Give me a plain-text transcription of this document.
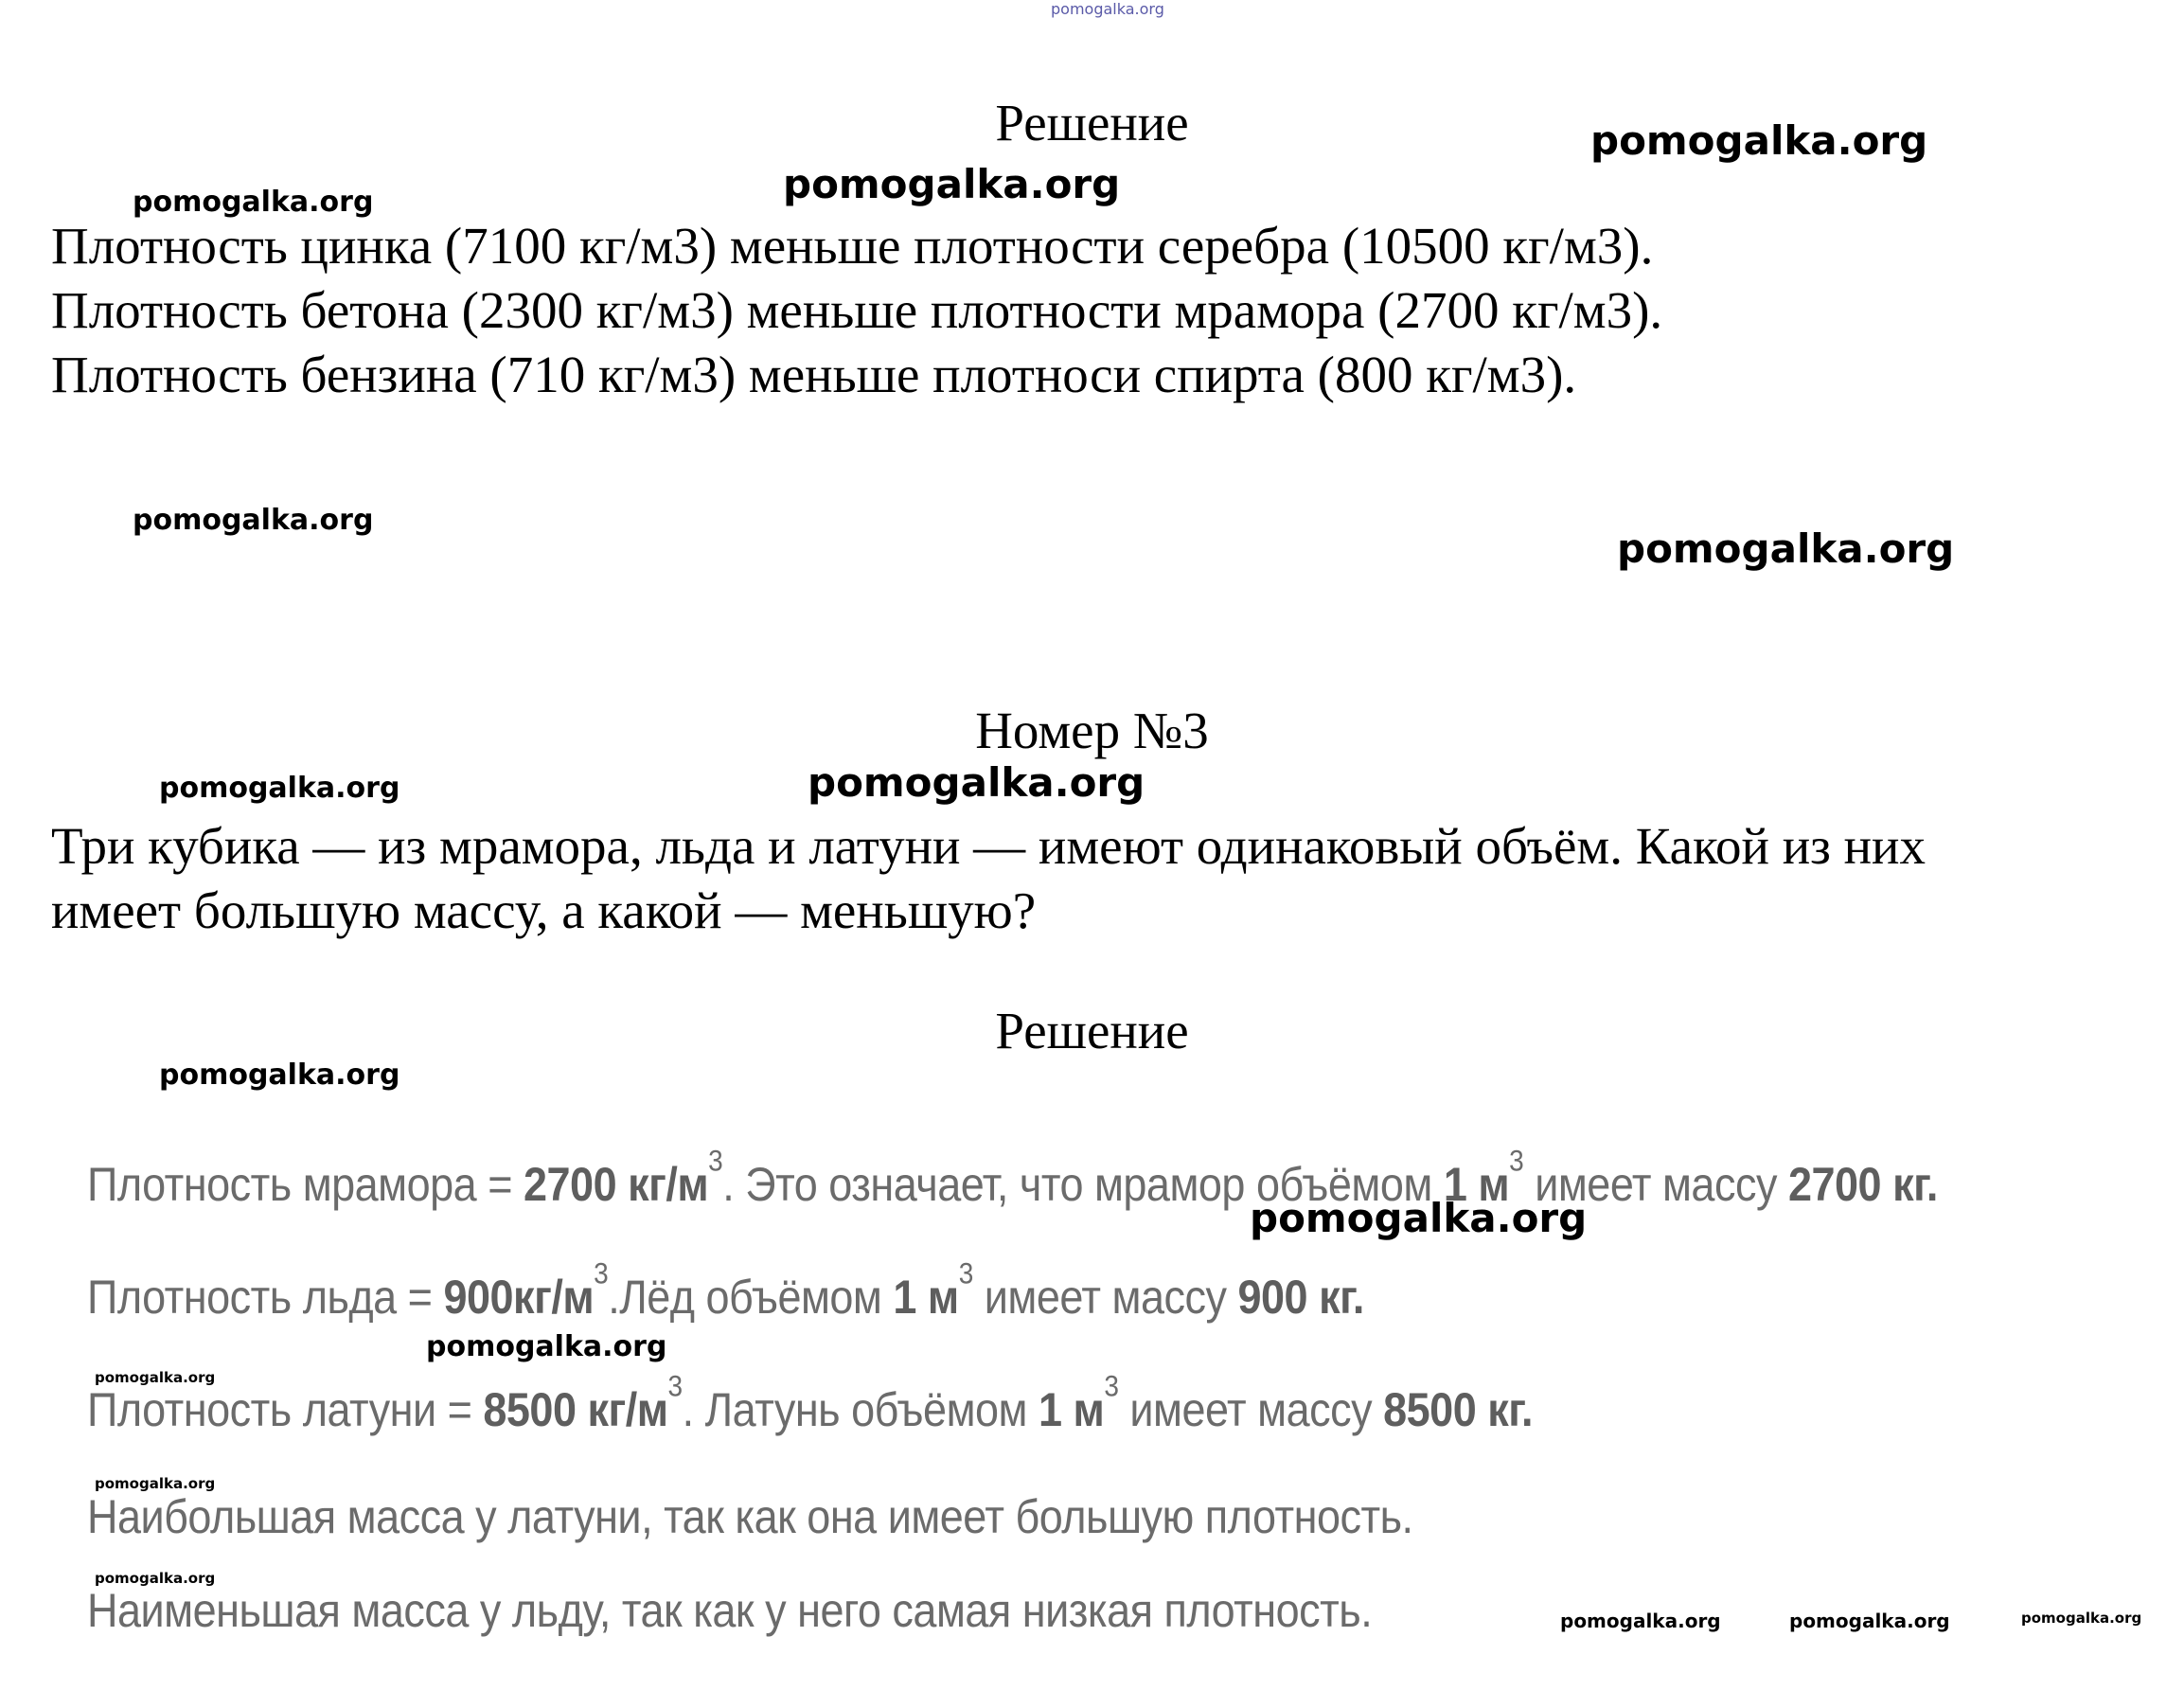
pomogalka.org
Решение
Плотность цинка (7100 кг/м3) меньше плотности серебра (10500 кг/м3).
Плотность бетона (2300 кг/м3) меньше плотности мрамора (2700 кг/м3).
Плотность бензина (710 кг/м3) меньше плотноси спирта (800 кг/м3).
Номер №3
Три кубика — из мрамора, льда и латуни — имеют одинаковый объём. Какой из них
имеет большую массу, а какой — меньшую?
Решение
Плотность мрамора = 2700 $кг/м^3$. Это означает, что мрамор объёмом 1 $м^3$ имеет массу 2700 кг.
Плотность льда = $900кг/м^3.Лёд$ объёмом 1 $м^3$ имеет массу 900 кг.
Плотность латуни = 8500 $кг/м^3$. Латунь объёмом 1 $м^3$ имеет массу 8500 кг.
Наибольшая масса у латуни, так как она имеет большую плотность.
Наименьшая масса у льду, так как у него самая низкая плотность.
pomogalka.org
pomogalka.org
pomogalka.org
pomogalka.org
pomogalka.org
pomogalka.org	pomogalka.org
pomogalka.org
pomogalka.org
pomogalka.org
pomogalka.org
pomogalka.org
pomogalka.org
pomogalka.org	pomogalka.org	pomogalka.org
